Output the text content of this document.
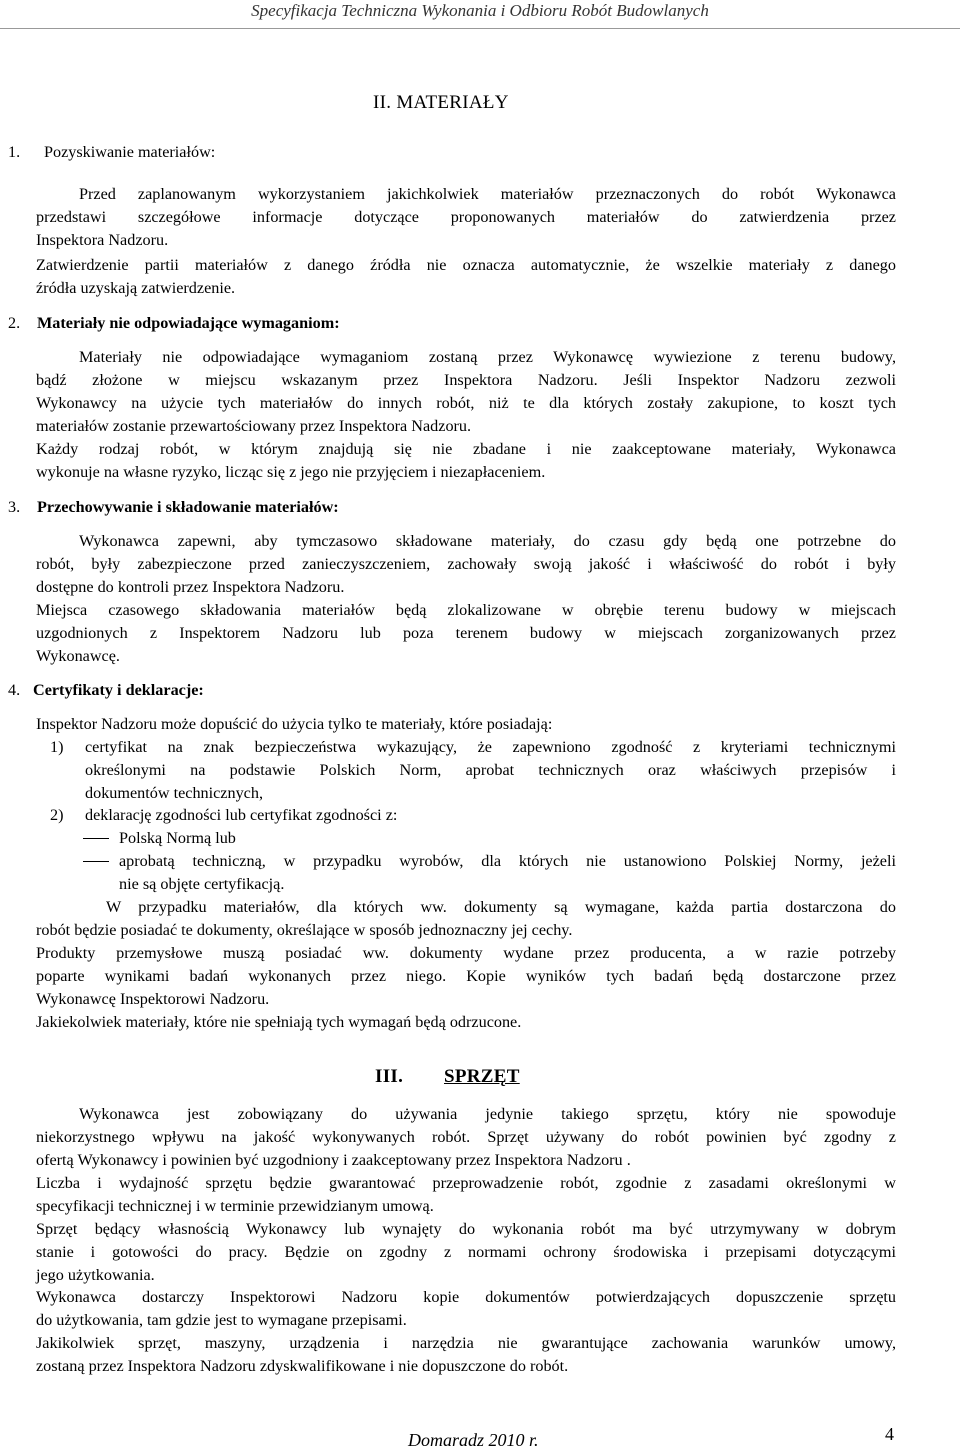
Specyfikacja Techniczna Wykonania i Odbioru Robót Budowlanych
II. MATERIAŁY
1. Pozyskiwanie materiałów:
Przed zaplanowanym wykorzystaniem jakichkolwiek materiałów przeznaczonych do robót Wykonawca
przedstawi szczegółowe informacje dotyczące proponowanych materiałów do zatwierdzenia przez
Inspektora Nadzoru.
Zatwierdzenie partii materiałów z danego źródła nie oznacza automatycznie, że wszelkie materiały z danego
źródła uzyskają zatwierdzenie.
2. Materiały nie odpowiadające wymaganiom:
Materiały nie odpowiadające wymaganiom zostaną przez Wykonawcę wywiezione z terenu budowy,
bądź złożone w miejscu wskazanym przez Inspektora Nadzoru. Jeśli Inspektor Nadzoru zezwoli
Wykonawcy na użycie tych materiałów do innych robót, niż te dla których zostały zakupione, to koszt tych
materiałów zostanie przewartościowany przez Inspektora Nadzoru.
Każdy rodzaj robót, w którym znajdują się nie zbadane i nie zaakceptowane materiały, Wykonawca
wykonuje na własne ryzyko, licząc się z jego nie przyjęciem i niezapłaceniem.
3. Przechowywanie i składowanie materiałów:
Wykonawca zapewni, aby tymczasowo składowane materiały, do czasu gdy będą one potrzebne do
robót, były zabezpieczone przed zanieczyszczeniem, zachowały swoją jakość i właściwość do robót i były
dostępne do kontroli przez Inspektora Nadzoru.
Miejsca czasowego składowania materiałów będą zlokalizowane w obrębie terenu budowy w miejscach
uzgodnionych z Inspektorem Nadzoru lub poza terenem budowy w miejscach zorganizowanych przez
Wykonawcę.
4. Certyfikaty i deklaracje:
Inspektor Nadzoru może dopuścić do użycia tylko te materiały, które posiadają:
1) certyfikat na znak bezpieczeństwa wykazujący, że zapewniono zgodność z kryteriami technicznymi
określonymi na podstawie Polskich Norm, aprobat technicznych oraz właściwych przepisów i
dokumentów technicznych,
2) deklarację zgodności lub certyfikat zgodności z:
Polską Normą lub
aprobatą techniczną, w przypadku wyrobów, dla których nie ustanowiono Polskiej Normy, jeżeli
nie są objęte certyfikacją.
W przypadku materiałów, dla których ww. dokumenty są wymagane, każda partia dostarczona do
robót będzie posiadać te dokumenty, określające w sposób jednoznaczny jej cechy.
Produkty przemysłowe muszą posiadać ww. dokumenty wydane przez producenta, a w razie potrzeby
poparte wynikami badań wykonanych przez niego. Kopie wyników tych badań będą dostarczone przez
Wykonawcę Inspektorowi Nadzoru.
Jakiekolwiek materiały, które nie spełniają tych wymagań będą odrzucone.
III. SPRZĘT
Wykonawca jest zobowiązany do używania jedynie takiego sprzętu, który nie spowoduje
niekorzystnego wpływu na jakość wykonywanych robót. Sprzęt używany do robót powinien być zgodny z
ofertą Wykonawcy i powinien być uzgodniony i zaakceptowany przez Inspektora Nadzoru .
Liczba i wydajność sprzętu będzie gwarantować przeprowadzenie robót, zgodnie z zasadami określonymi w
specyfikacji technicznej i w terminie przewidzianym umową.
Sprzęt będący własnością Wykonawcy lub wynajęty do wykonania robót ma być utrzymywany w dobrym
stanie i gotowości do pracy. Będzie on zgodny z normami ochrony środowiska i przepisami dotyczącymi
jego użytkowania.
Wykonawca dostarczy Inspektorowi Nadzoru kopie dokumentów potwierdzających dopuszczenie sprzętu
do użytkowania, tam gdzie jest to wymagane przepisami.
Jakikolwiek sprzęt, maszyny, urządzenia i narzędzia nie gwarantujące zachowania warunków umowy,
zostaną przez Inspektora Nadzoru zdyskwalifikowane i nie dopuszczone do robót.
Domaradz 2010 r.	4
